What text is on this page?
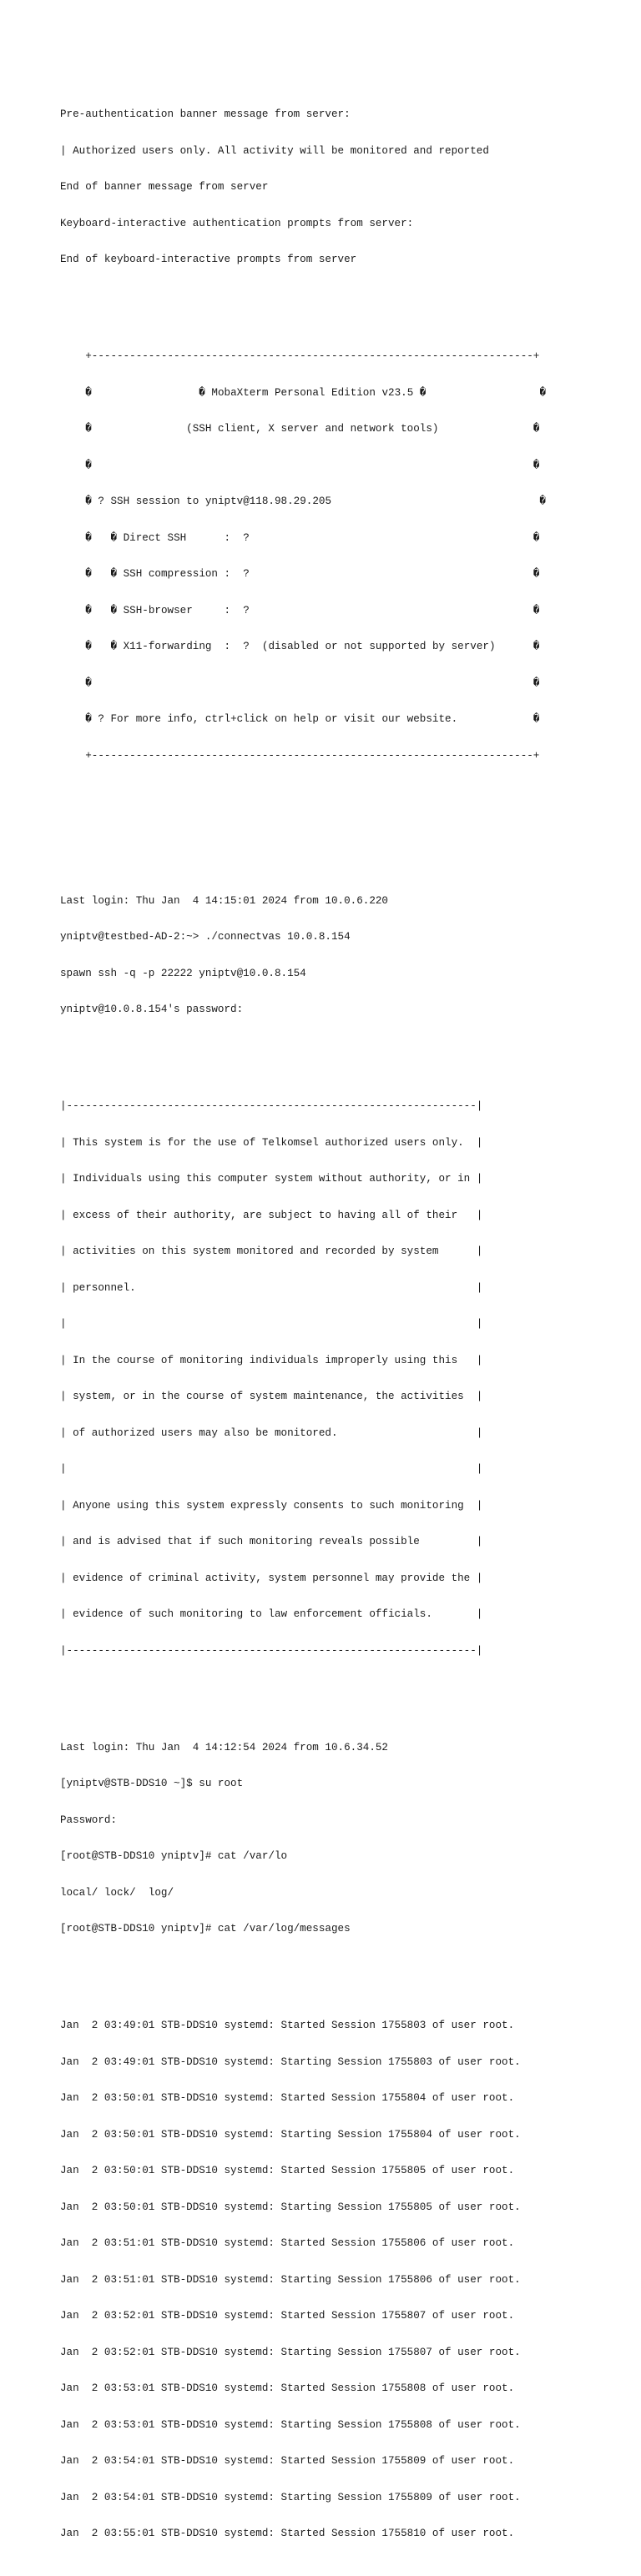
Pre-authentication banner message from server:

| Authorized users only. All activity will be monitored and reported

End of banner message from server

Keyboard-interactive authentication prompts from server:

End of keyboard-interactive prompts from server

+----------------------------------------------------------------------+

�                 � MobaXterm Personal Edition v23.5 �                  �

�               (SSH client, X server and network tools)               �

�                                                                      �

� ? SSH session to yniptv@118.98.29.205                                 �

�   � Direct SSH      :  ?                                             �

�   � SSH compression :  ?                                             �

�   � SSH-browser     :  ?                                             �

�   � X11-forwarding  :  ?  (disabled or not supported by server)      �

�                                                                      �

� ? For more info, ctrl+click on help or visit our website.            �

+----------------------------------------------------------------------+

Last login: Thu Jan  4 14:15:01 2024 from 10.0.6.220

yniptv@testbed-AD-2:~> ./connectvas 10.0.8.154

spawn ssh -q -p 22222 yniptv@10.0.8.154

yniptv@10.0.8.154's password:

|-----------------------------------------------------------------|

| This system is for the use of Telkomsel authorized users only.  |

| Individuals using this computer system without authority, or in |

| excess of their authority, are subject to having all of their   |

| activities on this system monitored and recorded by system      |

| personnel.                                                      |

|                                                                 |

| In the course of monitoring individuals improperly using this   |

| system, or in the course of system maintenance, the activities  |

| of authorized users may also be monitored.                      |

|                                                                 |

| Anyone using this system expressly consents to such monitoring  |

| and is advised that if such monitoring reveals possible         |

| evidence of criminal activity, system personnel may provide the |

| evidence of such monitoring to law enforcement officials.       |

|-----------------------------------------------------------------|

Last login: Thu Jan  4 14:12:54 2024 from 10.6.34.52

[yniptv@STB-DDS10 ~]$ su root

Password:

[root@STB-DDS10 yniptv]# cat /var/lo

local/ lock/  log/

[root@STB-DDS10 yniptv]# cat /var/log/messages

Jan  2 03:49:01 STB-DDS10 systemd: Started Session 1755803 of user root.

Jan  2 03:49:01 STB-DDS10 systemd: Starting Session 1755803 of user root.

Jan  2 03:50:01 STB-DDS10 systemd: Started Session 1755804 of user root.

Jan  2 03:50:01 STB-DDS10 systemd: Starting Session 1755804 of user root.

Jan  2 03:50:01 STB-DDS10 systemd: Started Session 1755805 of user root.

Jan  2 03:50:01 STB-DDS10 systemd: Starting Session 1755805 of user root.

Jan  2 03:51:01 STB-DDS10 systemd: Started Session 1755806 of user root.

Jan  2 03:51:01 STB-DDS10 systemd: Starting Session 1755806 of user root.

Jan  2 03:52:01 STB-DDS10 systemd: Started Session 1755807 of user root.

Jan  2 03:52:01 STB-DDS10 systemd: Starting Session 1755807 of user root.

Jan  2 03:53:01 STB-DDS10 systemd: Started Session 1755808 of user root.

Jan  2 03:53:01 STB-DDS10 systemd: Starting Session 1755808 of user root.

Jan  2 03:54:01 STB-DDS10 systemd: Started Session 1755809 of user root.

Jan  2 03:54:01 STB-DDS10 systemd: Starting Session 1755809 of user root.

Jan  2 03:55:01 STB-DDS10 systemd: Started Session 1755810 of user root.
